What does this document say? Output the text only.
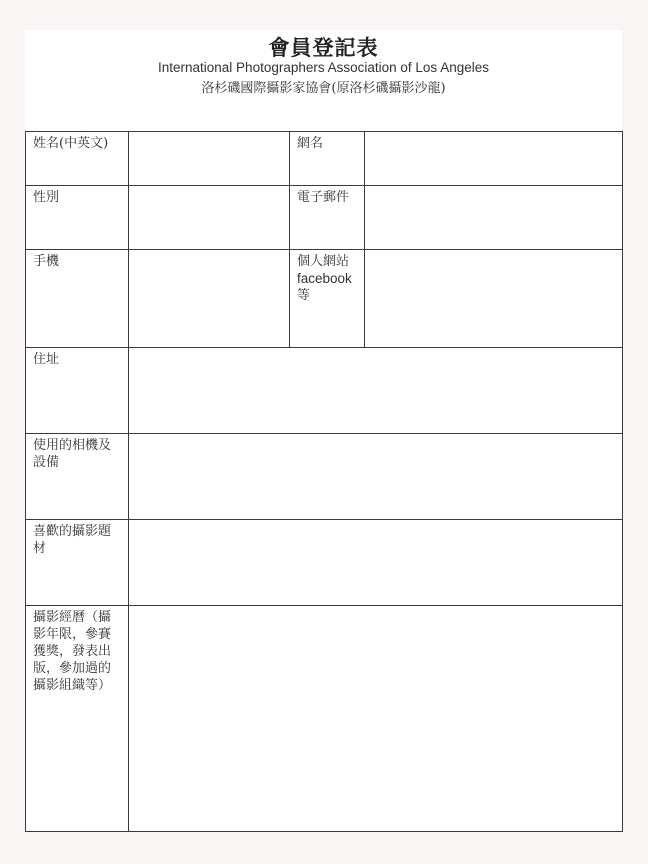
會員登記表
International Photographers Association of Los Angeles
洛杉磯國際攝影家協會(原洛杉磯攝影沙龍)
姓名(中英文)		網名	

性別		電子郵件	

手機		個人網站
facebook
等	

住址			

使用的相機及
設備			

喜歡的攝影題
材			

攝影經曆（攝
影年限，參賽
獲獎，發表出
版，參加過的
攝影組織等）			
